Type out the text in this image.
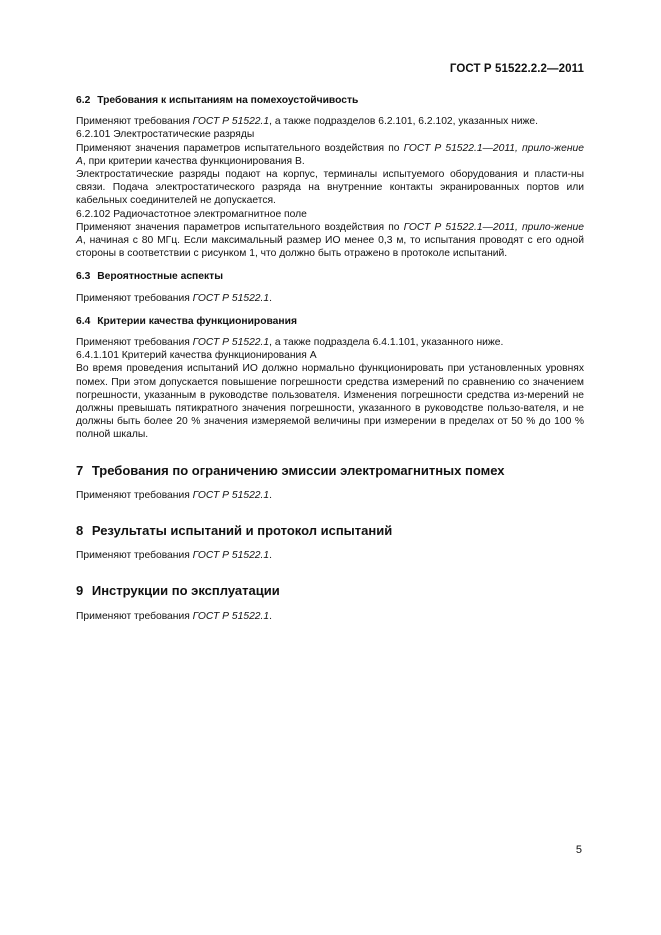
ГОСТ Р 51522.2.2—2011
6.2 Требования к испытаниям на помехоустойчивость

Применяют требования ГОСТ Р 51522.1, а также подразделов 6.2.101, 6.2.102, указанных ниже.

6.2.101 Электростатические разряды

Применяют значения параметров испытательного воздействия по ГОСТ Р 51522.1—2011, прило-жение А, при критерии качества функционирования В.

Электростатические разряды подают на корпус, терминалы испытуемого оборудования и пласти-ны связи. Подача электростатического разряда на внутренние контакты экранированных портов или кабельных соединителей не допускается.

6.2.102 Радиочастотное электромагнитное поле

Применяют значения параметров испытательного воздействия по ГОСТ Р 51522.1—2011, прило-жение А, начиная с 80 МГц. Если максимальный размер ИО менее 0,3 м, то испытания проводят с его одной стороны в соответствии с рисунком 1, что должно быть отражено в протоколе испытаний.

6.3 Вероятностные аспекты

Применяют требования ГОСТ Р 51522.1.

6.4 Критерии качества функционирования

Применяют требования ГОСТ Р 51522.1, а также подраздела 6.4.1.101, указанного ниже.

6.4.1.101 Критерий качества функционирования А

Во время проведения испытаний ИО должно нормально функционировать при установленных уровнях помех. При этом допускается повышение погрешности средства измерений по сравнению со значением погрешности, указанным в руководстве пользователя. Изменения погрешности средства из-мерений не должны превышать пятикратного значения погрешности, указанного в руководстве пользо-вателя, и не должны быть более 20 % значения измеряемой величины при измерении в пределах от 50 % до 100 % полной шкалы.

7 Требования по ограничению эмиссии электромагнитных помех

Применяют требования ГОСТ Р 51522.1.

8 Результаты испытаний и протокол испытаний

Применяют требования ГОСТ Р 51522.1.

9 Инструкции по эксплуатации

Применяют требования ГОСТ Р 51522.1.

5
